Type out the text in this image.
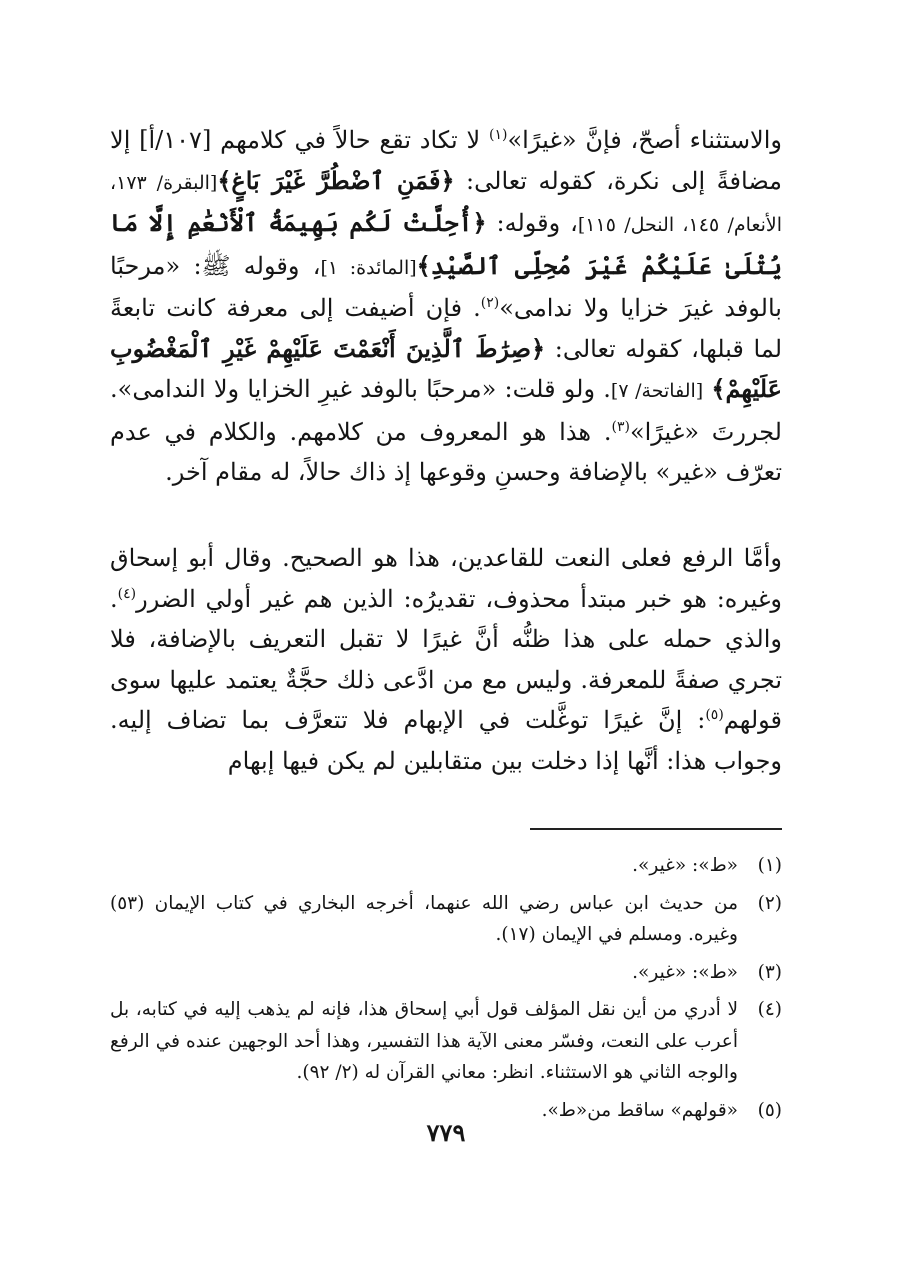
والاستثناء أصحّ، فإنَّ «غيرًا»$^{(١)}$ لا تكاد تقع حالاً في كلامهم [١٠٧/أ] إلا مضافةً إلى نكرة، كقوله تعالى: ﴿فَمَنِ ٱضْطُرَّ غَيْرَ بَاغٍ﴾[البقرة/ ١٧٣، الأنعام/ ١٤٥، النحل/ ١١٥]، وقوله: ﴿أُحِلَّتْ لَكُم بَهِيمَةُ ٱلْأَنْعَٰمِ إِلَّا مَا يُتْلَىٰ عَلَيْكُمْ غَيْرَ مُحِلِّى ٱلصَّيْدِ﴾[المائدة: ١]، وقوله ﷺ: «مرحبًا بالوفد غيرَ خزايا ولا ندامى»$^{(٢)}$. فإن أضيفت إلى معرفة كانت تابعةً لما قبلها، كقوله تعالى: ﴿صِرَٰطَ ٱلَّذِينَ أَنْعَمْتَ عَلَيْهِمْ غَيْرِ ٱلْمَغْضُوبِ عَلَيْهِمْ﴾ [الفاتحة/ ٧]. ولو قلت: «مرحبًا بالوفد غيرِ الخزايا ولا الندامى». لجررتَ «غيرًا»$^{(٣)}$. هذا هو المعروف من كلامهم. والكلام في عدم تعرّف «غير» بالإضافة وحسنِ وقوعها إذ ذاك حالاً، له مقام آخر.

وأمَّا الرفع فعلى النعت للقاعدين، هذا هو الصحيح. وقال أبو إسحاق وغيره: هو خبر مبتدأ محذوف، تقديرُه: الذين هم غير أولي الضرر$^{(٤)}$. والذي حمله على هذا ظنُّه أنَّ غيرًا لا تقبل التعريف بالإضافة، فلا تجري صفةً للمعرفة. وليس مع من ادَّعى ذلك حجَّةٌ يعتمد عليها سوى قولهم$^{(٥)}$: إنَّ غيرًا توغَّلت في الإبهام فلا تتعرَّف بما تضاف إليه. وجواب هذا: أنَّها إذا دخلت بين متقابلين لم يكن فيها إبهام

(١)
«ط»: «غير».
(٢)
من حديث ابن عباس رضي الله عنهما، أخرجه البخاري في كتاب الإيمان (٥٣) وغيره. ومسلم في الإيمان (١٧).
(٣)
«ط»: «غير».
(٤)
لا أدري من أين نقل المؤلف قول أبي إسحاق هذا، فإنه لم يذهب إليه في كتابه، بل أعرب على النعت، وفسّر معنى الآية هذا التفسير، وهذا أحد الوجهين عنده في الرفع والوجه الثاني هو الاستثناء. انظر: معاني القرآن له (٢/ ٩٢).
(٥)
«قولهم» ساقط من«ط».
٧٧٩
